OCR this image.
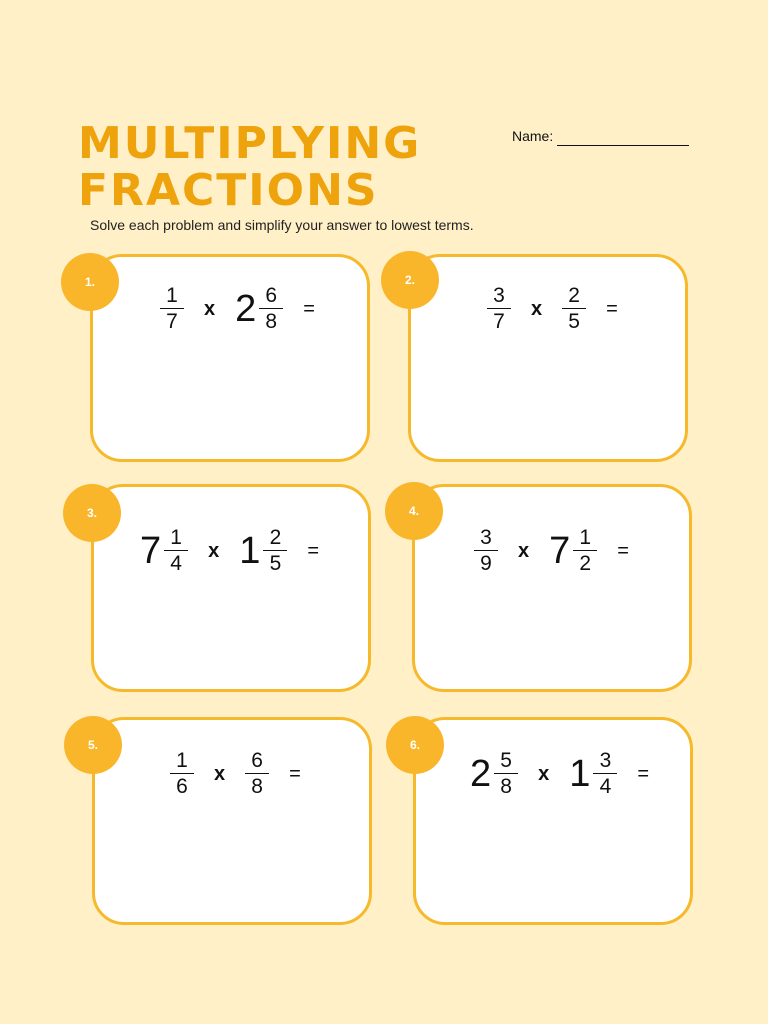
MULTIPLYING
FRACTIONS
Name:

Solve each problem and simplify your answer to lowest terms.

1.
$\frac{1}{7}$ x $2 \frac{6}{8}$ =
2.
$\frac{3}{7}$ x $\frac{2}{5}$ =
3.
$7 \frac{1}{4}$ x $1 \frac{2}{5}$ =
4.
$\frac{3}{9}$ x $7 \frac{1}{2}$ =
5.
$\frac{1}{6}$ x $\frac{6}{8}$ =
6.
$2 \frac{5}{8}$ x $1 \frac{3}{4}$ =
